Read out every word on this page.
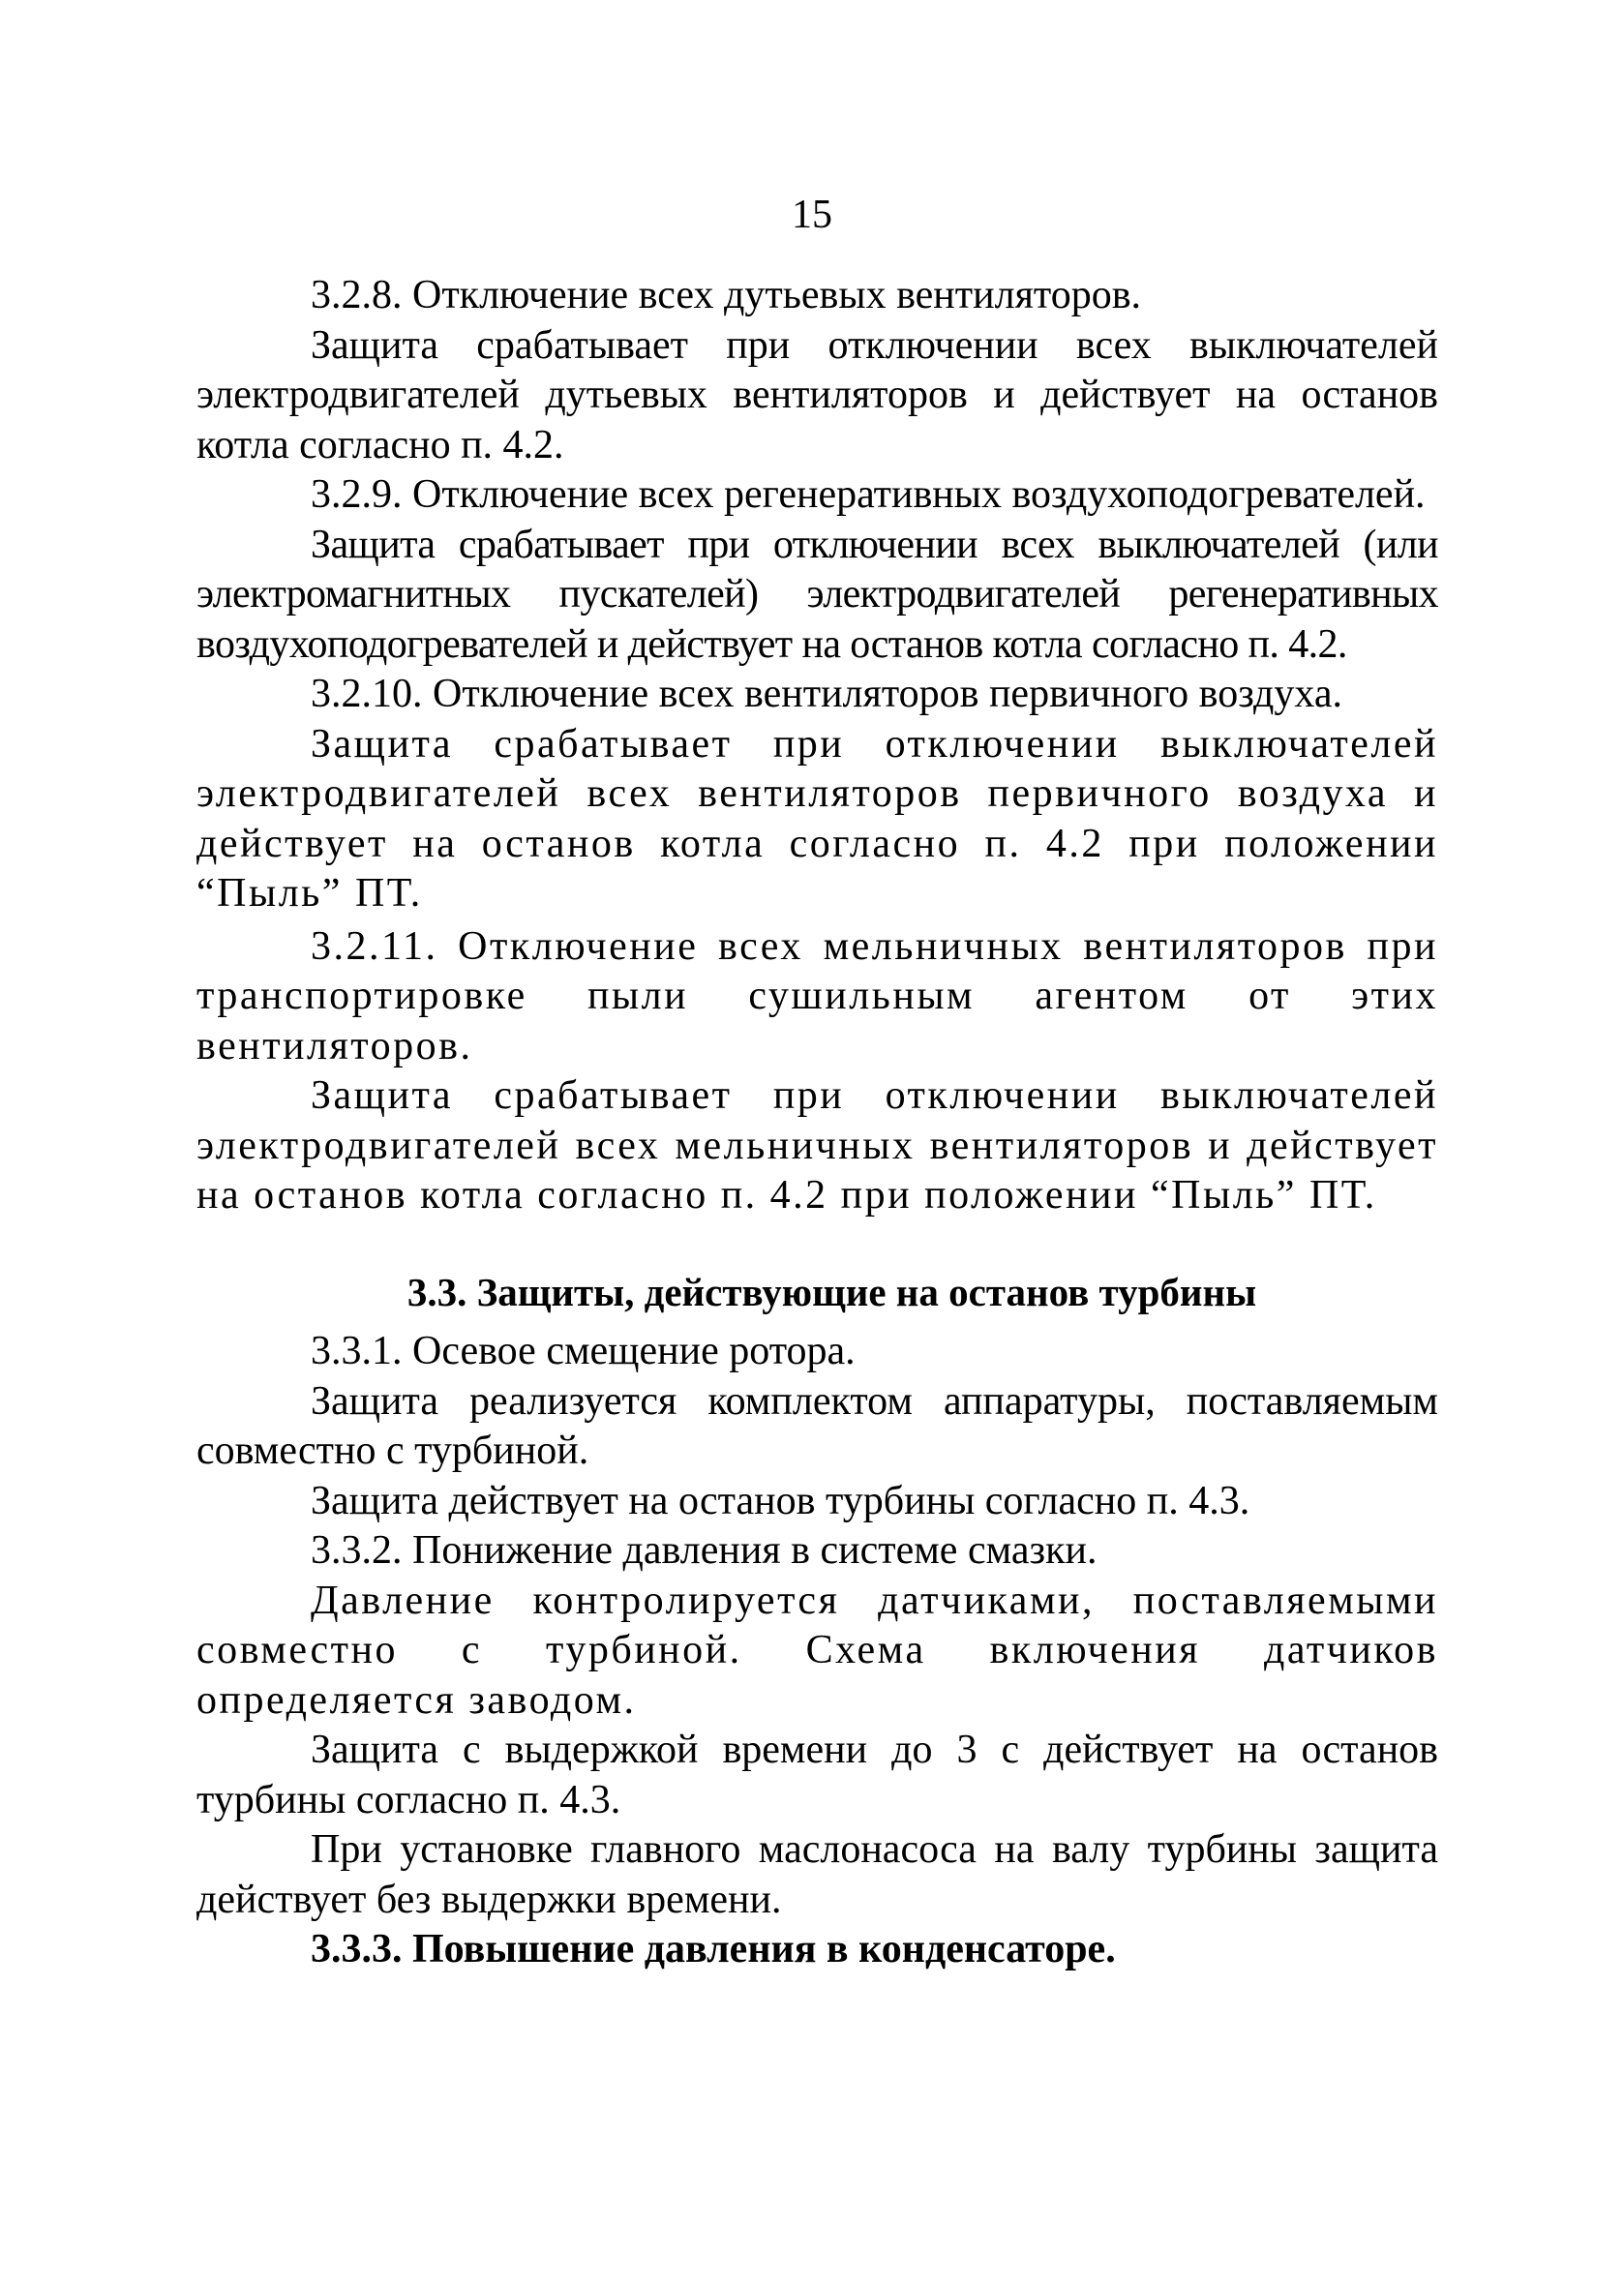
15

3.2.8. Отключение всех дутьевых вентиляторов.

Защита срабатывает при отключении всех выключателей электродвигателей дутьевых вентиляторов и действует на останов котла согласно п. 4.2.

3.2.9. Отключение всех регенеративных воздухоподогревателей.

Защита срабатывает при отключении всех выключателей (или электромагнитных пускателей) электродвигателей регенеративных воздухоподогревателей и действует на останов котла согласно п. 4.2.

3.2.10. Отключение всех вентиляторов первичного воздуха.

Защита срабатывает при отключении выключателей электродвигателей всех вентиляторов первичного воздуха и действует на останов котла согласно п. 4.2 при положении “Пыль” ПТ.

3.2.11. Отключение всех мельничных вентиляторов при транспортировке пыли сушильным агентом от этих вентиляторов.

Защита срабатывает при отключении выключателей электродвигателей всех мельничных вентиляторов и действует на останов котла согласно п. 4.2 при положении “Пыль” ПТ.

3.3. Защиты, действующие на останов турбины

3.3.1. Осевое смещение ротора.

Защита реализуется комплектом аппаратуры, поставляемым совместно с турбиной.

Защита действует на останов турбины согласно п. 4.3.

3.3.2. Понижение давления в системе смазки.

Давление контролируется датчиками, поставляемыми совместно с турбиной. Схема включения датчиков определяется заводом.

Защита с выдержкой времени до 3 с действует на останов турбины согласно п. 4.3.

При установке главного маслонасоса на валу турбины защита действует без выдержки времени.

3.3.3. Повышение давления в конденсаторе.
